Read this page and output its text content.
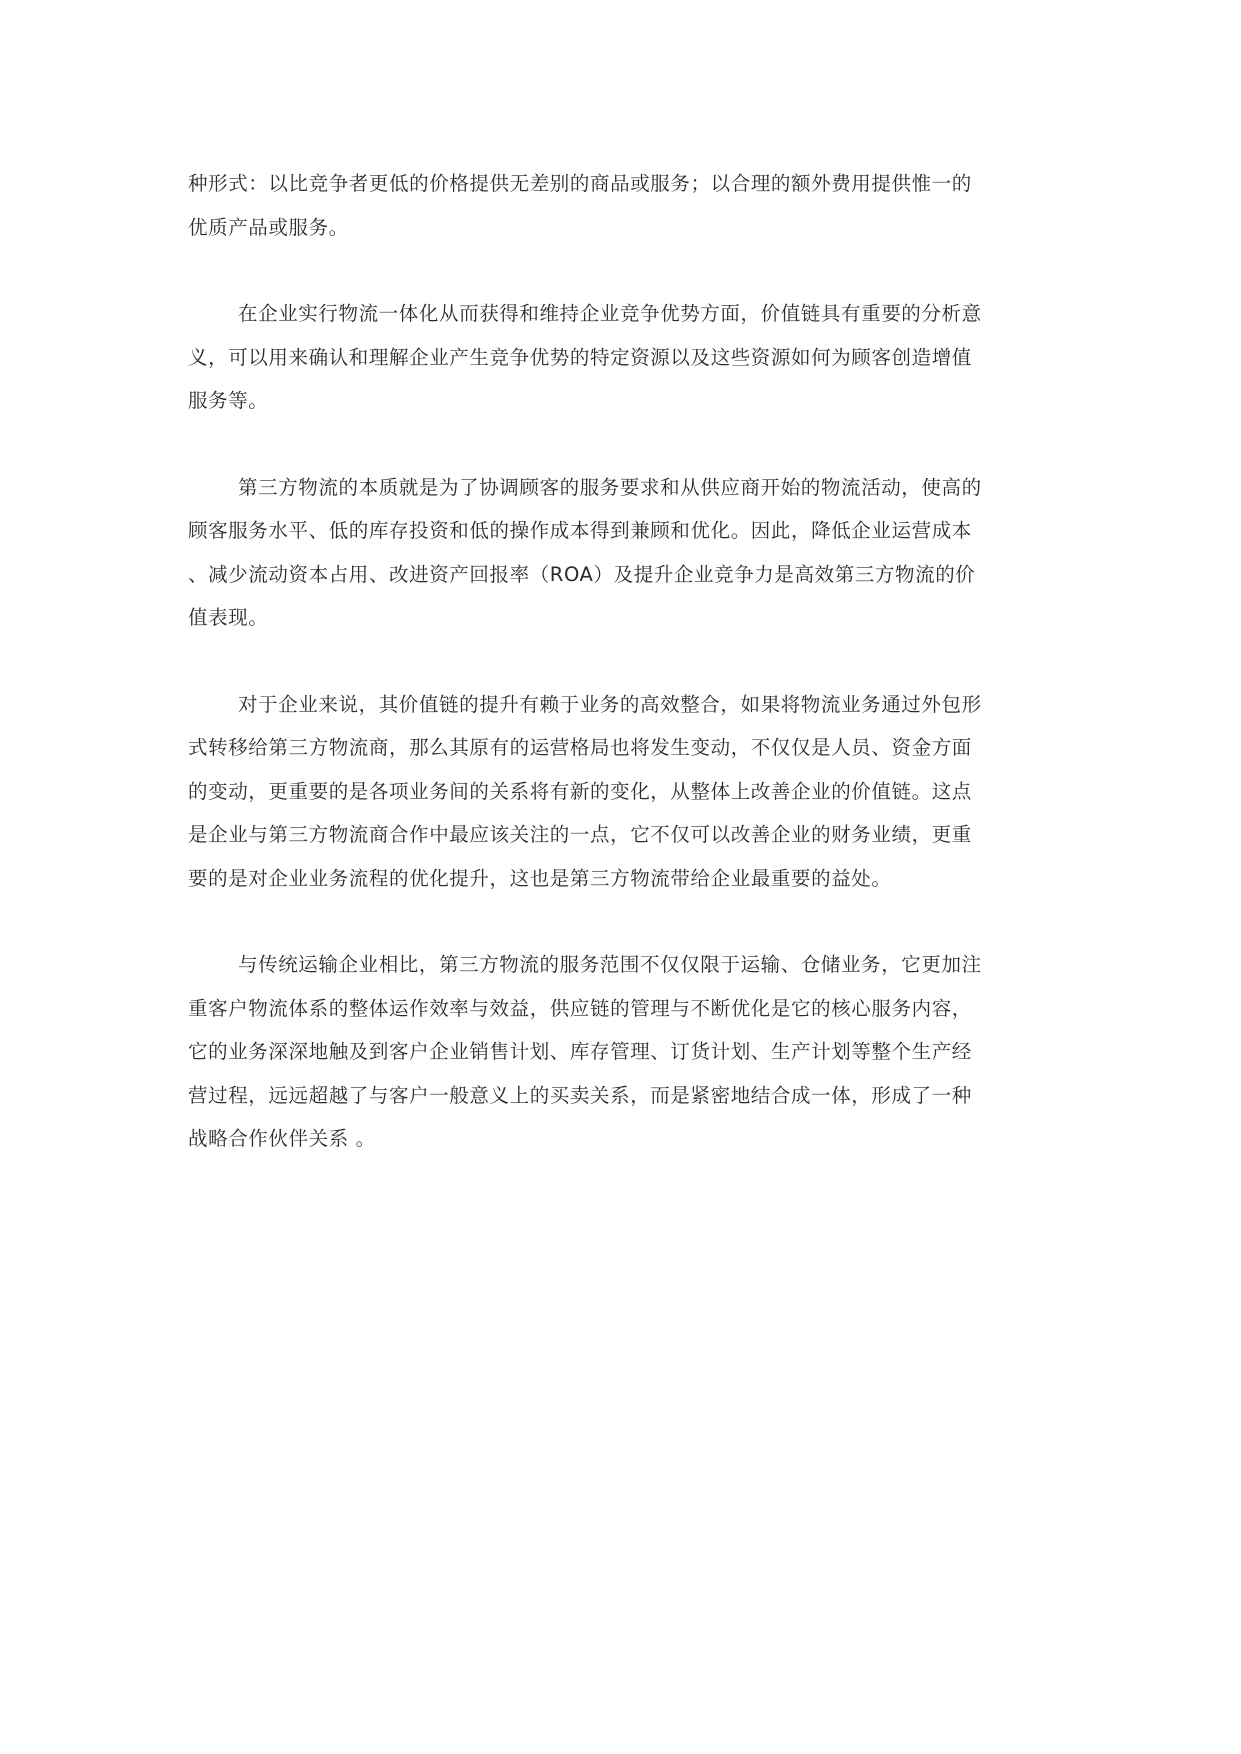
种形式：以比竞争者更低的价格提供无差别的商品或服务；以合理的额外费用提供惟一的
优质产品或服务。
在企业实行物流一体化从而获得和维持企业竞争优势方面，价值链具有重要的分析意
义，可以用来确认和理解企业产生竞争优势的特定资源以及这些资源如何为顾客创造增值
服务等。
第三方物流的本质就是为了协调顾客的服务要求和从供应商开始的物流活动，使高的
顾客服务水平、低的库存投资和低的操作成本得到兼顾和优化。因此，降低企业运营成本
、减少流动资本占用、改进资产回报率（ROA）及提升企业竞争力是高效第三方物流的价
值表现。
对于企业来说，其价值链的提升有赖于业务的高效整合，如果将物流业务通过外包形
式转移给第三方物流商，那么其原有的运营格局也将发生变动，不仅仅是人员、资金方面
的变动，更重要的是各项业务间的关系将有新的变化，从整体上改善企业的价值链。这点
是企业与第三方物流商合作中最应该关注的一点，它不仅可以改善企业的财务业绩，更重
要的是对企业业务流程的优化提升，这也是第三方物流带给企业最重要的益处。
与传统运输企业相比，第三方物流的服务范围不仅仅限于运输、仓储业务，它更加注
重客户物流体系的整体运作效率与效益，供应链的管理与不断优化是它的核心服务内容，
它的业务深深地触及到客户企业销售计划、库存管理、订货计划、生产计划等整个生产经
营过程，远远超越了与客户一般意义上的买卖关系，而是紧密地结合成一体，形成了一种
战略合作伙伴关系 。
